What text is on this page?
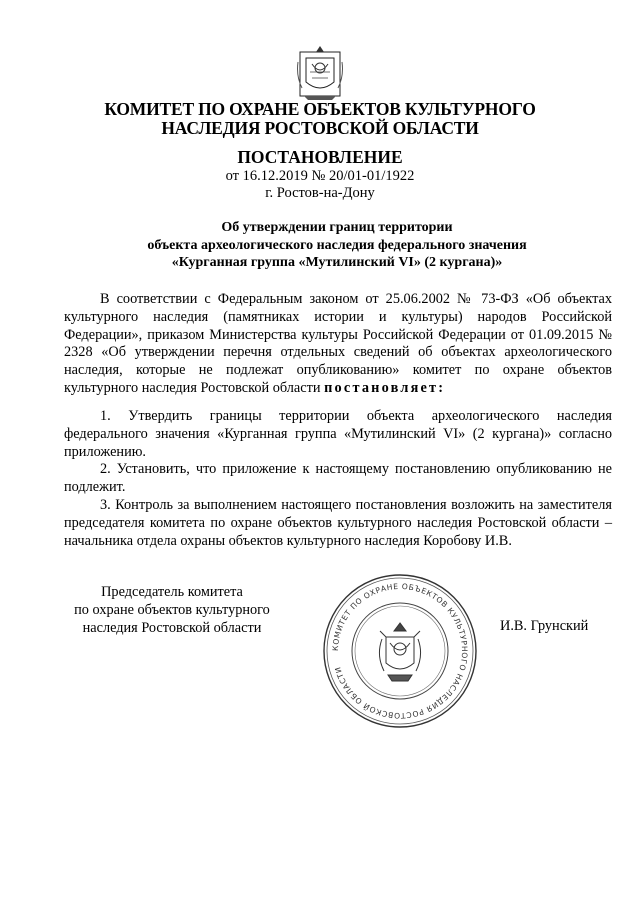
КОМИТЕТ ПО ОХРАНЕ ОБЪЕКТОВ КУЛЬТУРНОГО
НАСЛЕДИЯ РОСТОВСКОЙ ОБЛАСТИ
ПОСТАНОВЛЕНИЕ
от 16.12.2019 № 20/01-01/1922
г. Ростов-на-Дону
Об утверждении границ территории
объекта археологического наследия федерального значения
«Курганная группа «Мутилинский VI» (2 кургана)»
В соответствии с Федеральным законом от 25.06.2002 № 73-ФЗ «Об объектах культурного наследия (памятниках истории и культуры) народов Российской Федерации», приказом Министерства культуры Российской Федерации от 01.09.2015 № 2328 «Об утверждении перечня отдельных сведений об объектах археологического наследия, которые не подлежат опубликованию» комитет по охране объектов культурного наследия Ростовской области постановляет:

1. Утвердить границы территории объекта археологического наследия федерального значения «Курганная группа «Мутилинский VI» (2 кургана)» согласно приложению.

2. Установить, что приложение к настоящему постановлению опубликованию не подлежит.

3. Контроль за выполнением настоящего постановления возложить на заместителя председателя комитета по охране объектов культурного наследия Ростовской области – начальника отдела охраны объектов культурного наследия Коробову И.В.

Председатель комитета
по охране объектов культурного
наследия Ростовской области
КОМИТЕТ ПО ОХРАНЕ ОБЪЕКТОВ КУЛЬТУРНОГО НАСЛЕДИЯ РОСТОВСКОЙ ОБЛАСТИ
И.В. Грунский
